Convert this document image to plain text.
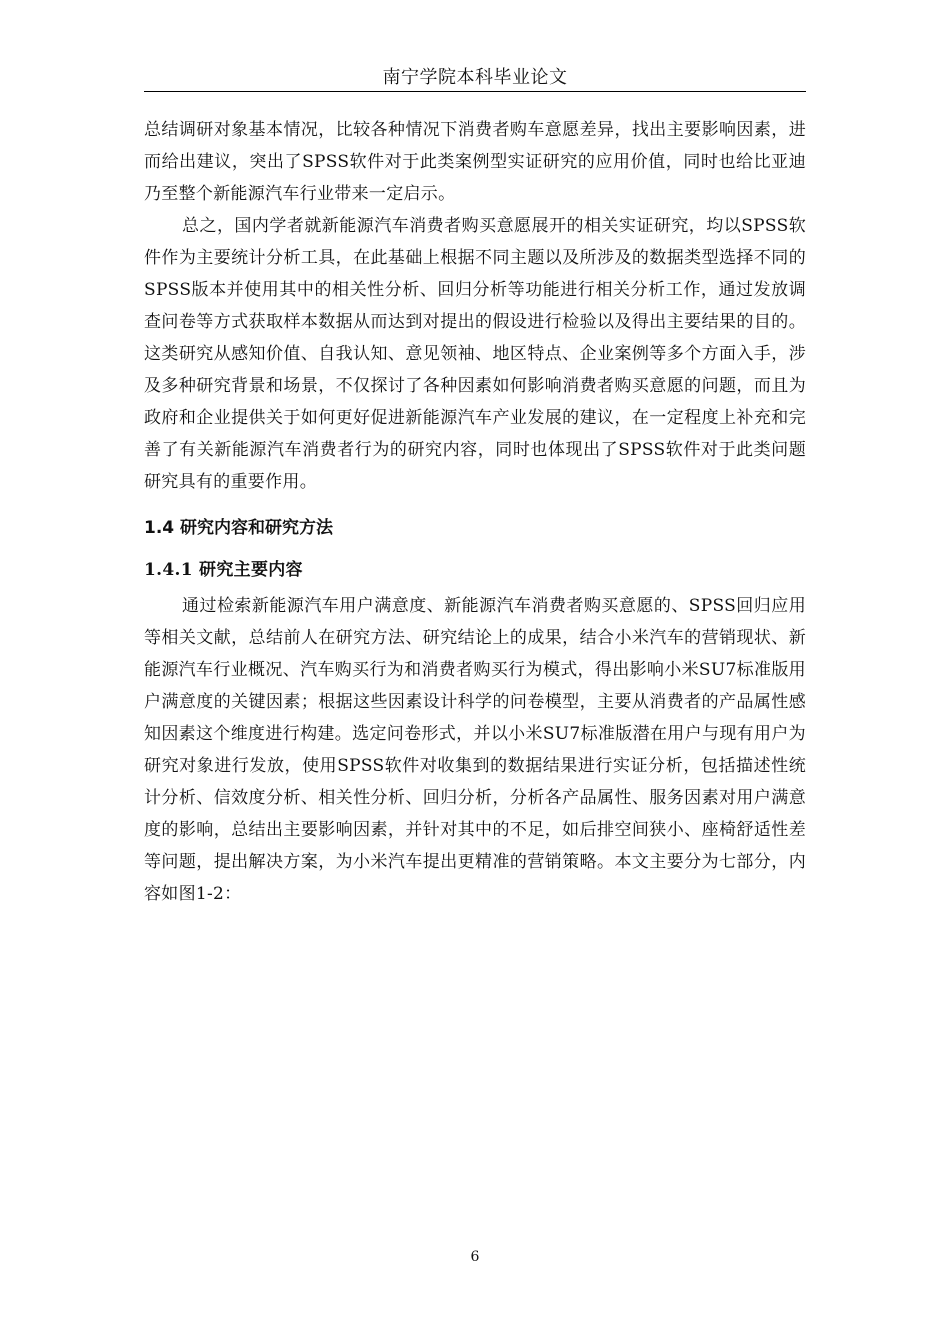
南宁学院本科毕业论文

总结调研对象基本情况，比较各种情况下消费者购车意愿差异，找出主要影响因素，进而给出建议，突出了SPSS软件对于此类案例型实证研究的应用价值，同时也给比亚迪乃至整个新能源汽车行业带来一定启示。

总之，国内学者就新能源汽车消费者购买意愿展开的相关实证研究，均以SPSS软件作为主要统计分析工具，在此基础上根据不同主题以及所涉及的数据类型选择不同的SPSS版本并使用其中的相关性分析、回归分析等功能进行相关分析工作，通过发放调查问卷等方式获取样本数据从而达到对提出的假设进行检验以及得出主要结果的目的。这类研究从感知价值、自我认知、意见领袖、地区特点、企业案例等多个方面入手，涉及多种研究背景和场景，不仅探讨了各种因素如何影响消费者购买意愿的问题，而且为政府和企业提供关于如何更好促进新能源汽车产业发展的建议，在一定程度上补充和完善了有关新能源汽车消费者行为的研究内容，同时也体现出了SPSS软件对于此类问题研究具有的重要作用。

1.4 研究内容和研究方法
1.4.1 研究主要内容

通过检索新能源汽车用户满意度、新能源汽车消费者购买意愿的、SPSS回归应用等相关文献，总结前人在研究方法、研究结论上的成果，结合小米汽车的营销现状、新能源汽车行业概况、汽车购买行为和消费者购买行为模式，得出影响小米SU7标准版用户满意度的关键因素；根据这些因素设计科学的问卷模型，主要从消费者的产品属性感知因素这个维度进行构建。选定问卷形式，并以小米SU7标准版潜在用户与现有用户为研究对象进行发放，使用SPSS软件对收集到的数据结果进行实证分析，包括描述性统计分析、信效度分析、相关性分析、回归分析，分析各产品属性、服务因素对用户满意度的影响，总结出主要影响因素，并针对其中的不足，如后排空间狭小、座椅舒适性差等问题，提出解决方案，为小米汽车提出更精准的营销策略。本文主要分为七部分，内容如图1-2：

6
